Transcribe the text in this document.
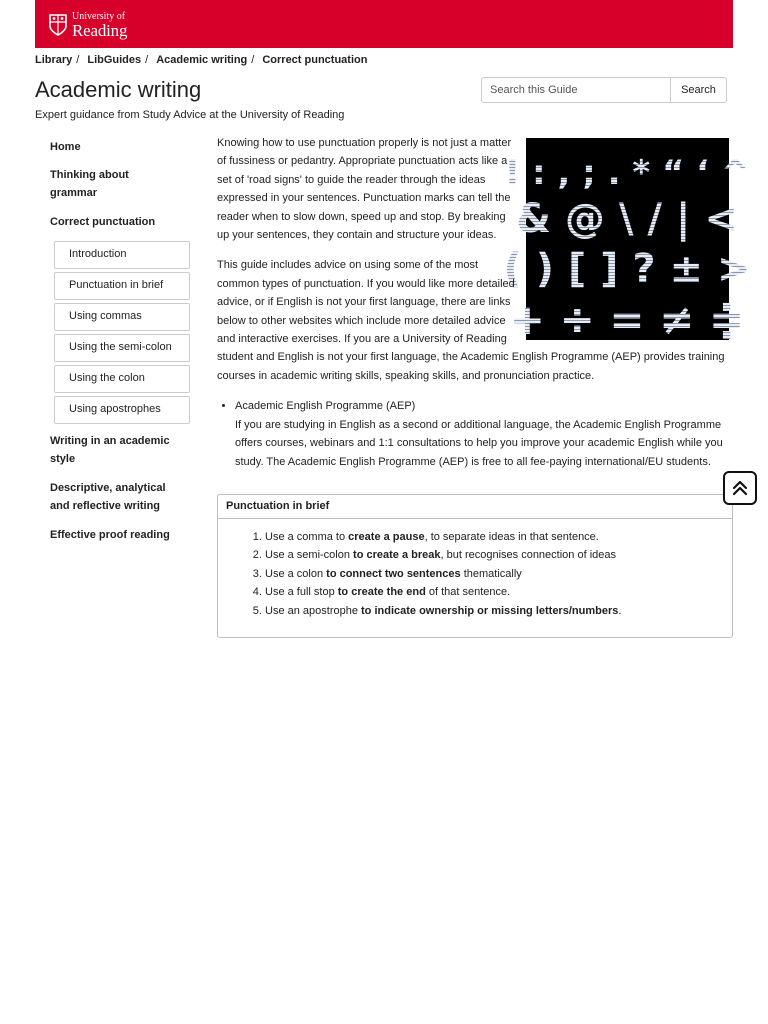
University of
Reading
Library / LibGuides / Academic writing / Correct punctuation
Academic writing
Expert guidance from Study Advice at the University of Reading
Search this Guide
Search
Home
Thinking about grammar
Correct punctuation
Introduction
Punctuation in brief
Using commas
Using the semi-colon
Using the colon
Using apostrophes
Writing in an academic style
Descriptive, analytical and reflective writing
Effective proof reading
! : , ; . * “ ‘ ^
& @ \ / | <
( ) [ ] ? ± >
+ ÷ = ≠ ≑

Knowing how to use punctuation properly is not just a matter of fussiness or pedantry. Appropriate punctuation acts like a set of 'road signs' to guide the reader through the ideas expressed in your sentences. Punctuation marks can tell the reader when to slow down, speed up and stop. By breaking up your sentences, they contain and structure your ideas.

This guide includes advice on using some of the most common types of punctuation. If you would like more detailed advice, or if English is not your first language, there are links below to other websites which include more detailed advice and interactive exercises. If you are a University of Reading student and English is not your first language, the Academic English Programme (AEP) provides training courses in academic writing skills, speaking skills, and pronunciation practice.

• Academic English Programme (AEP)
If you are studying in English as a second or additional language, the Academic English Programme offers courses, webinars and 1:1 consultations to help you improve your academic English while you study. The Academic English Programme (AEP) is free to all fee-paying international/EU students.
Punctuation in brief
1. Use a comma to create a pause, to separate ideas in that sentence.
2. Use a semi-colon to create a break, but recognises connection of ideas
3. Use a colon to connect two sentences thematically
4. Use a full stop to create the end of that sentence.
5. Use an apostrophe to indicate ownership or missing letters/numbers.
